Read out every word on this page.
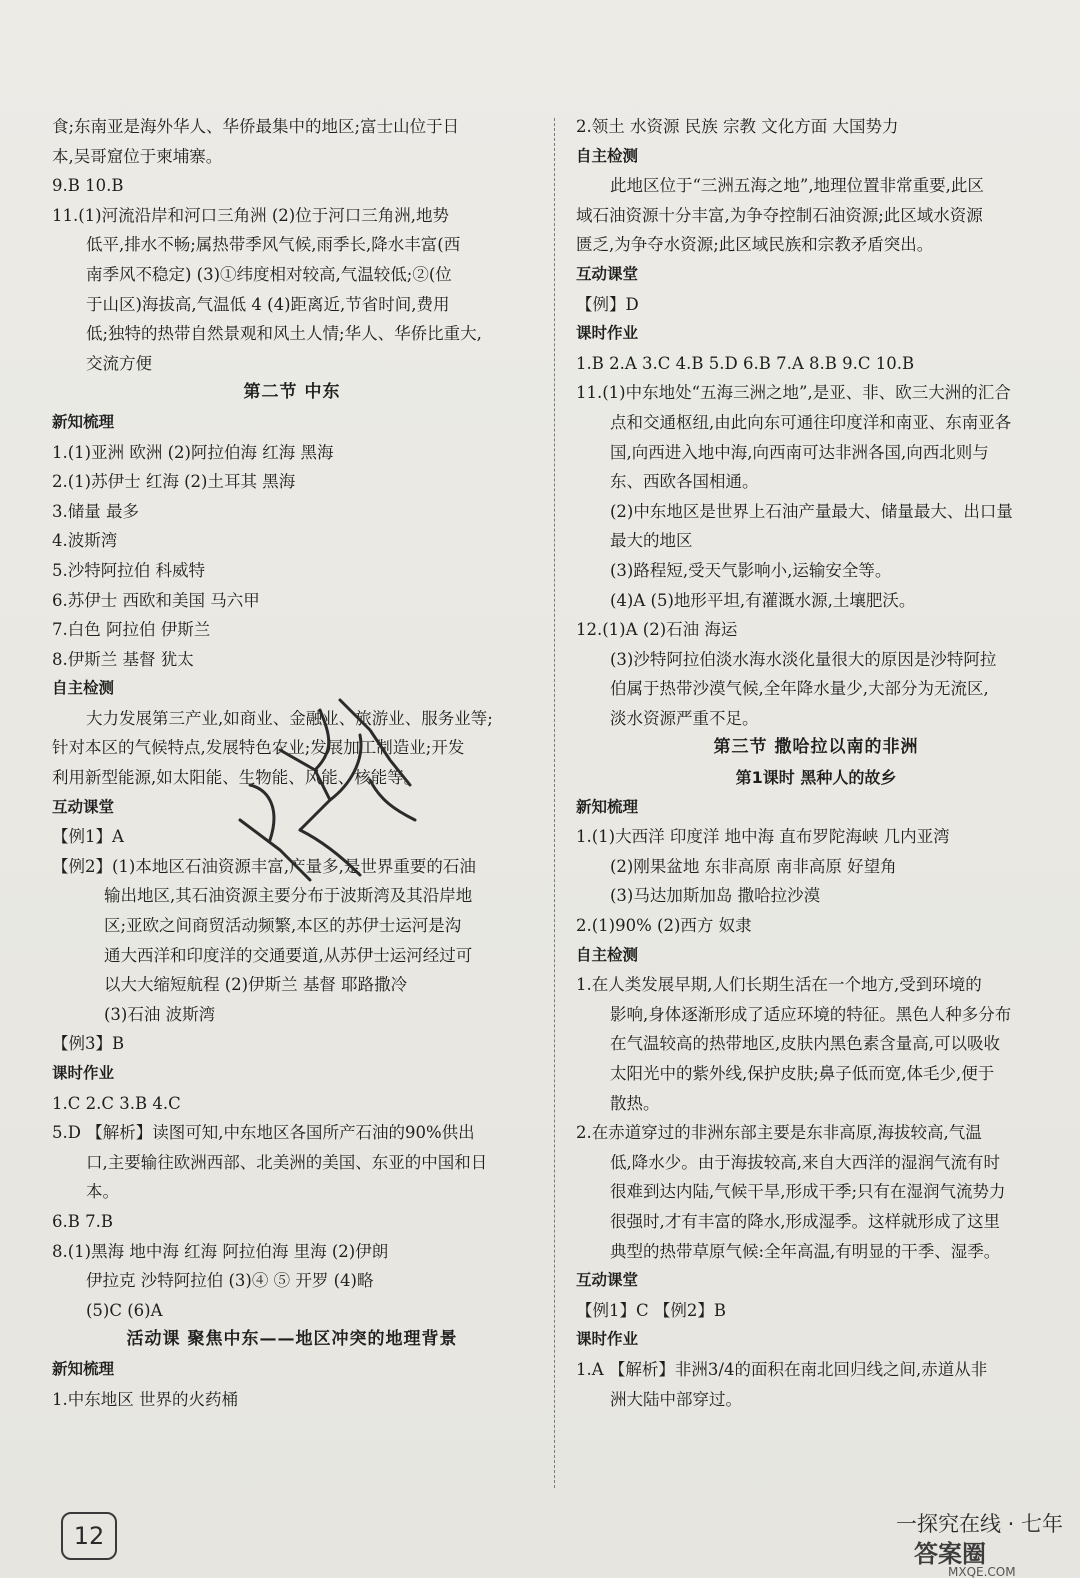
食;东南亚是海外华人、华侨最集中的地区;富士山位于日
本,吴哥窟位于柬埔寨。
9.B 10.B
11.(1)河流沿岸和河口三角洲 (2)位于河口三角洲,地势
低平,排水不畅;属热带季风气候,雨季长,降水丰富(西
南季风不稳定) (3)①纬度相对较高,气温较低;②(位
于山区)海拔高,气温低 4 (4)距离近,节省时间,费用
低;独特的热带自然景观和风土人情;华人、华侨比重大,
交流方便
第二节 中东
新知梳理
1.(1)亚洲 欧洲 (2)阿拉伯海 红海 黑海
2.(1)苏伊士 红海 (2)土耳其 黑海
3.储量 最多
4.波斯湾
5.沙特阿拉伯 科威特
6.苏伊士 西欧和美国 马六甲
7.白色 阿拉伯 伊斯兰
8.伊斯兰 基督 犹太
自主检测
大力发展第三产业,如商业、金融业、旅游业、服务业等;
针对本区的气候特点,发展特色农业;发展加工制造业;开发
利用新型能源,如太阳能、生物能、风能、核能等。
互动课堂
【例1】A
【例2】(1)本地区石油资源丰富,产量多,是世界重要的石油
输出地区,其石油资源主要分布于波斯湾及其沿岸地
区;亚欧之间商贸活动频繁,本区的苏伊士运河是沟
通大西洋和印度洋的交通要道,从苏伊士运河经过可
以大大缩短航程 (2)伊斯兰 基督 耶路撒冷
(3)石油 波斯湾
【例3】B
课时作业
1.C 2.C 3.B 4.C
5.D 【解析】读图可知,中东地区各国所产石油的90%供出
口,主要输往欧洲西部、北美洲的美国、东亚的中国和日
本。
6.B 7.B
8.(1)黑海 地中海 红海 阿拉伯海 里海 (2)伊朗
伊拉克 沙特阿拉伯 (3)④ ⑤ 开罗 (4)略
(5)C (6)A
活动课 聚焦中东——地区冲突的地理背景
新知梳理
1.中东地区 世界的火药桶
2.领土 水资源 民族 宗教 文化方面 大国势力
自主检测
此地区位于“三洲五海之地”,地理位置非常重要,此区
域石油资源十分丰富,为争夺控制石油资源;此区域水资源
匮乏,为争夺水资源;此区域民族和宗教矛盾突出。
互动课堂
【例】D
课时作业
1.B 2.A 3.C 4.B 5.D 6.B 7.A 8.B 9.C 10.B
11.(1)中东地处“五海三洲之地”,是亚、非、欧三大洲的汇合
点和交通枢纽,由此向东可通往印度洋和南亚、东南亚各
国,向西进入地中海,向西南可达非洲各国,向西北则与
东、西欧各国相通。
(2)中东地区是世界上石油产量最大、储量最大、出口量
最大的地区
(3)路程短,受天气影响小,运输安全等。
(4)A (5)地形平坦,有灌溉水源,土壤肥沃。
12.(1)A (2)石油 海运
(3)沙特阿拉伯淡水海水淡化量很大的原因是沙特阿拉
伯属于热带沙漠气候,全年降水量少,大部分为无流区,
淡水资源严重不足。
第三节 撒哈拉以南的非洲
第1课时 黑种人的故乡
新知梳理
1.(1)大西洋 印度洋 地中海 直布罗陀海峡 几内亚湾
(2)刚果盆地 东非高原 南非高原 好望角
(3)马达加斯加岛 撒哈拉沙漠
2.(1)90% (2)西方 奴隶
自主检测
1.在人类发展早期,人们长期生活在一个地方,受到环境的
影响,身体逐渐形成了适应环境的特征。黑色人种多分布
在气温较高的热带地区,皮肤内黑色素含量高,可以吸收
太阳光中的紫外线,保护皮肤;鼻子低而宽,体毛少,便于
散热。
2.在赤道穿过的非洲东部主要是东非高原,海拔较高,气温
低,降水少。由于海拔较高,来自大西洋的湿润气流有时
很难到达内陆,气候干旱,形成干季;只有在湿润气流势力
很强时,才有丰富的降水,形成湿季。这样就形成了这里
典型的热带草原气候:全年高温,有明显的干季、湿季。
互动课堂
【例1】C 【例2】B
课时作业
1.A 【解析】非洲3/4的面积在南北回归线之间,赤道从非
洲大陆中部穿过。
12	一探究在线 · 七年
答案圈
MXQE.COM
